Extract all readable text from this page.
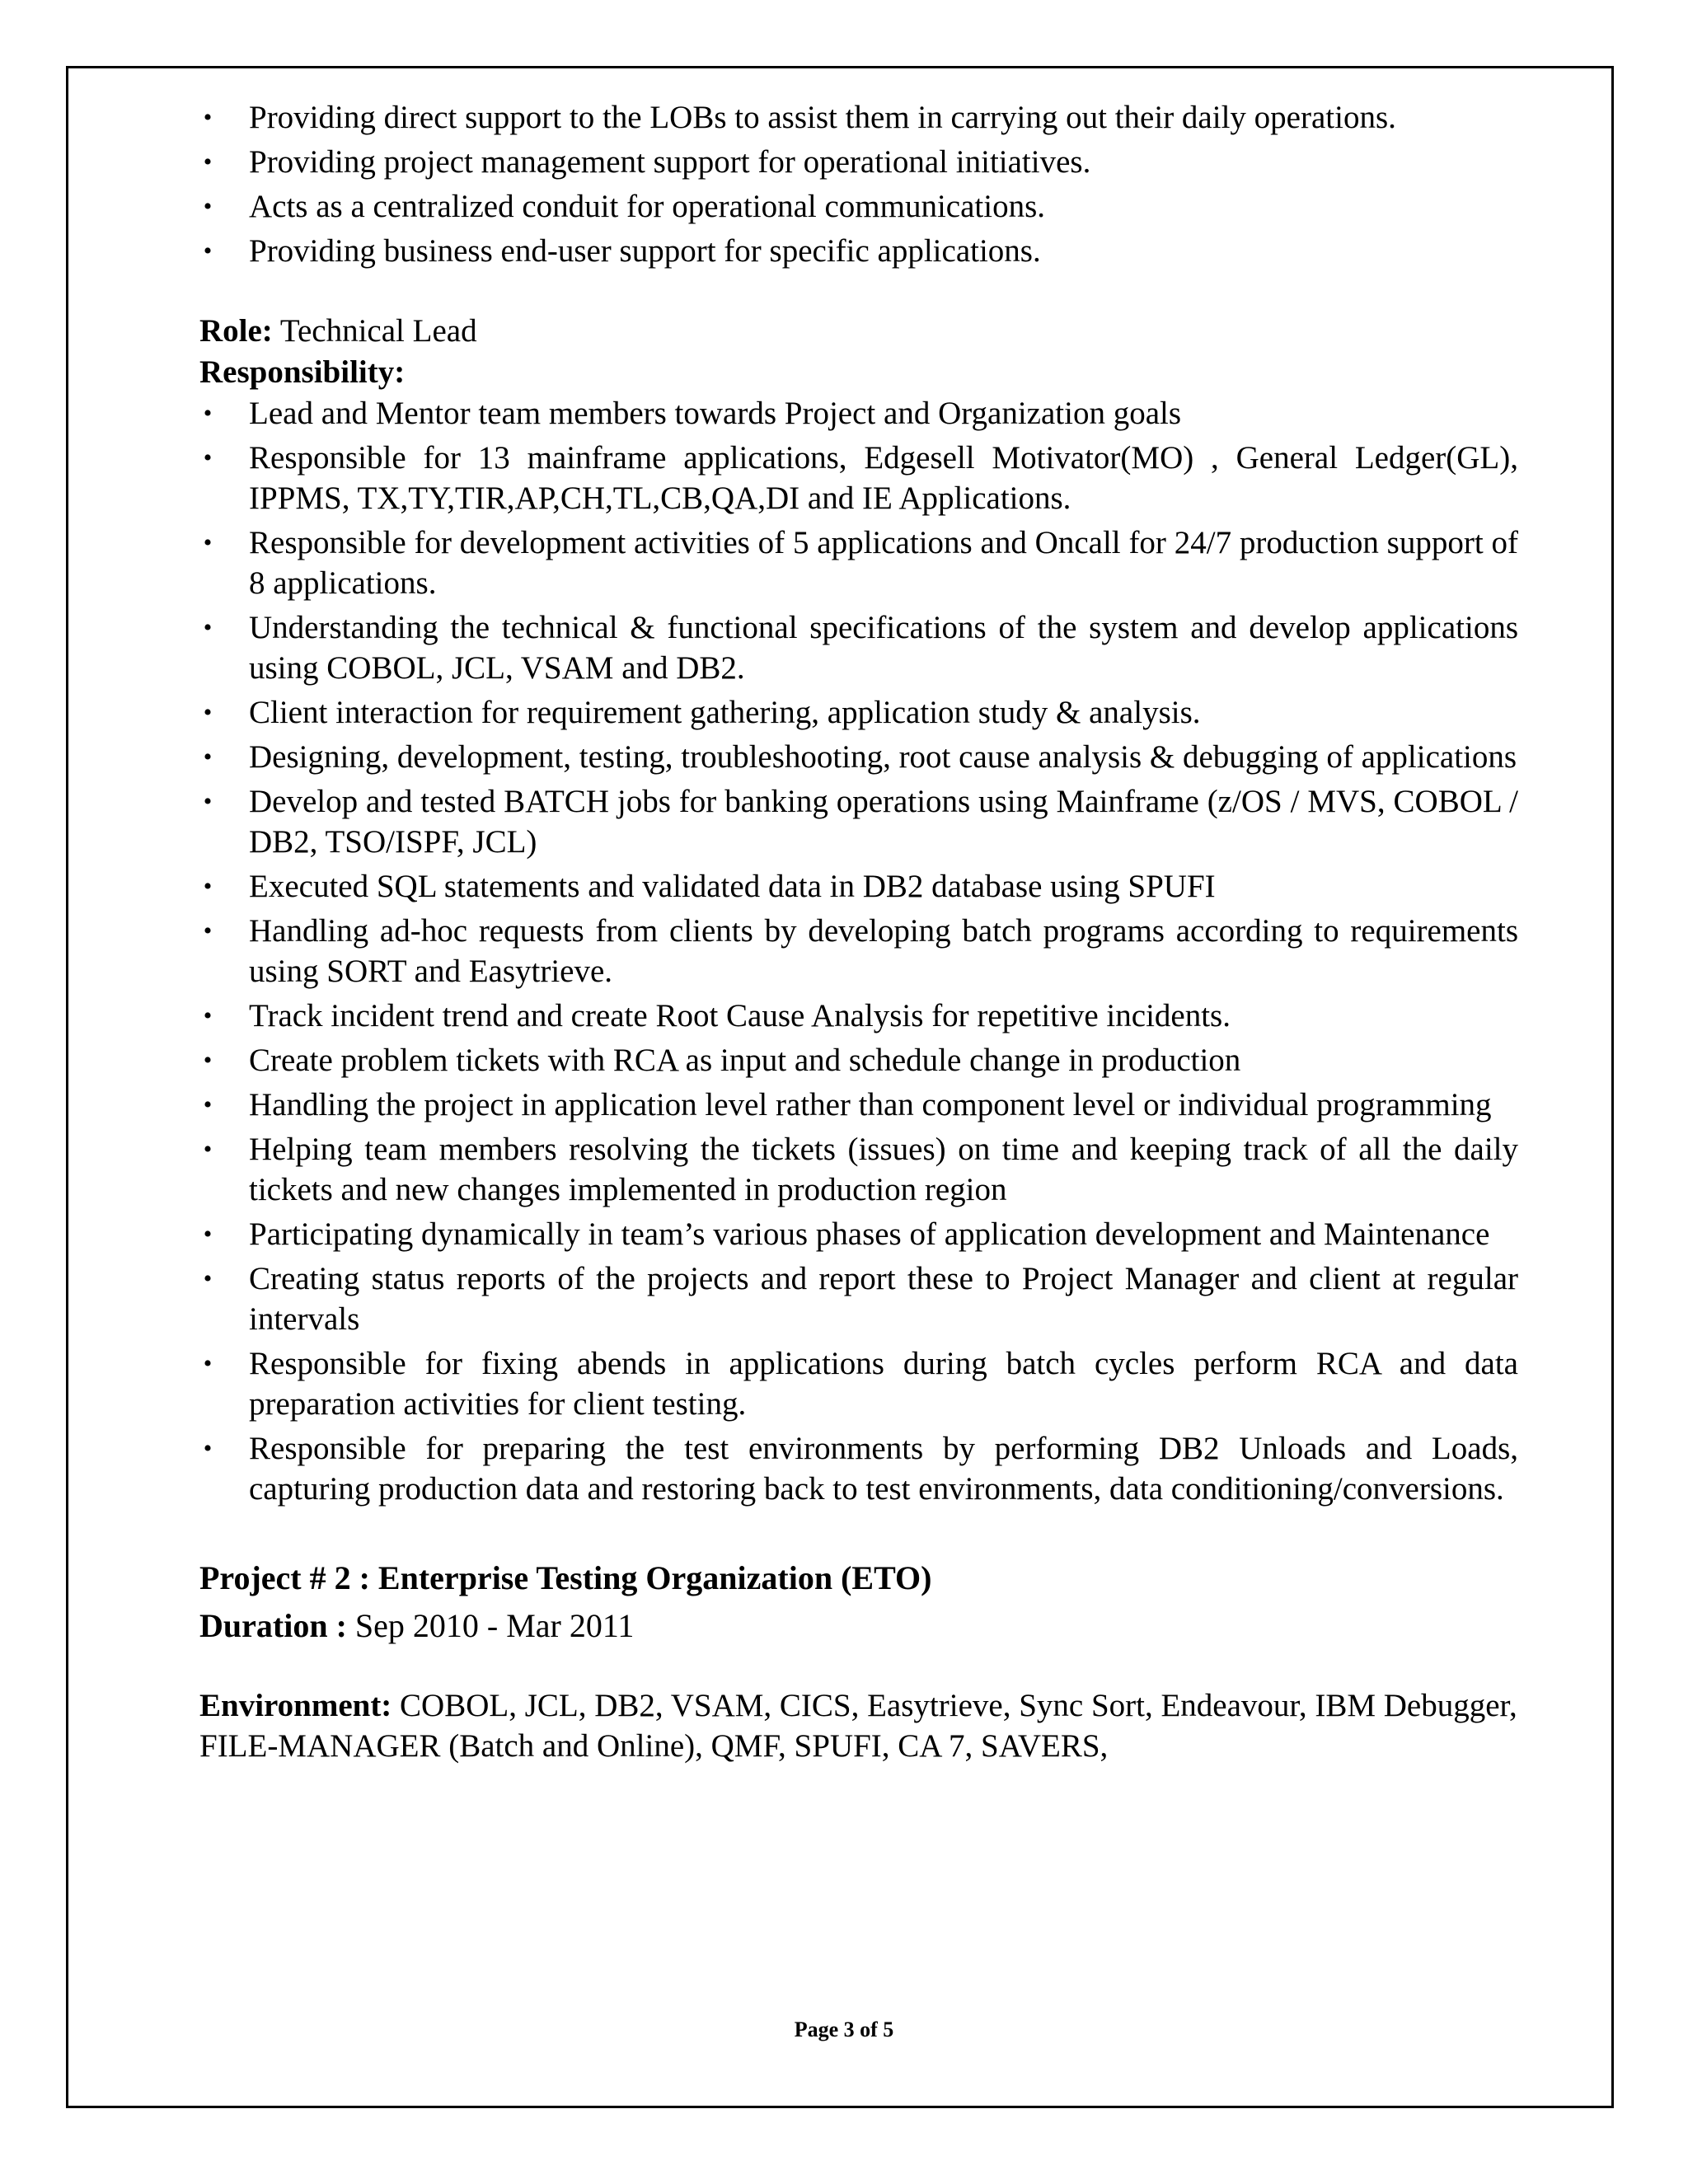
• Providing direct support to the LOBs to assist them in carrying out their daily operations.
• Providing project management support for operational initiatives.
• Acts as a centralized conduit for operational communications.
• Providing business end-user support for specific applications.
Role: Technical Lead
Responsibility:
• Lead and Mentor team members towards Project and Organization goals
• Responsible for 13 mainframe applications, Edgesell Motivator(MO) , General Ledger(GL), IPPMS, TX,TY,TIR,AP,CH,TL,CB,QA,DI and IE Applications.
• Responsible for development activities of 5 applications and Oncall for 24/7 production support of 8 applications.
• Understanding the technical & functional specifications of the system and develop applications using COBOL, JCL, VSAM and DB2.
• Client interaction for requirement gathering, application study & analysis.
• Designing, development, testing, troubleshooting, root cause analysis & debugging of applications
• Develop and tested BATCH jobs for banking operations using Mainframe (z/OS / MVS, COBOL / DB2, TSO/ISPF, JCL)
• Executed SQL statements and validated data in DB2 database using SPUFI
• Handling ad-hoc requests from clients by developing batch programs according to requirements using SORT and Easytrieve.
• Track incident trend and create Root Cause Analysis for repetitive incidents.
• Create problem tickets with RCA as input and schedule change in production
• Handling the project in application level rather than component level or individual programming
• Helping team members resolving the tickets (issues) on time and keeping track of all the daily tickets and new changes implemented in production region
• Participating dynamically in team’s various phases of application development and Maintenance
• Creating status reports of the projects and report these to Project Manager and client at regular intervals
• Responsible for fixing abends in applications during batch cycles perform RCA and data preparation activities for client testing.
• Responsible for preparing the test environments by performing DB2 Unloads and Loads, capturing production data and restoring back to test environments, data conditioning/conversions.
Project # 2 : Enterprise Testing Organization (ETO)
Duration : Sep 2010 - Mar 2011
Environment: COBOL, JCL, DB2, VSAM, CICS, Easytrieve, Sync Sort, Endeavour, IBM Debugger, FILE-MANAGER (Batch and Online), QMF, SPUFI, CA 7, SAVERS,
Page 3 of 5
